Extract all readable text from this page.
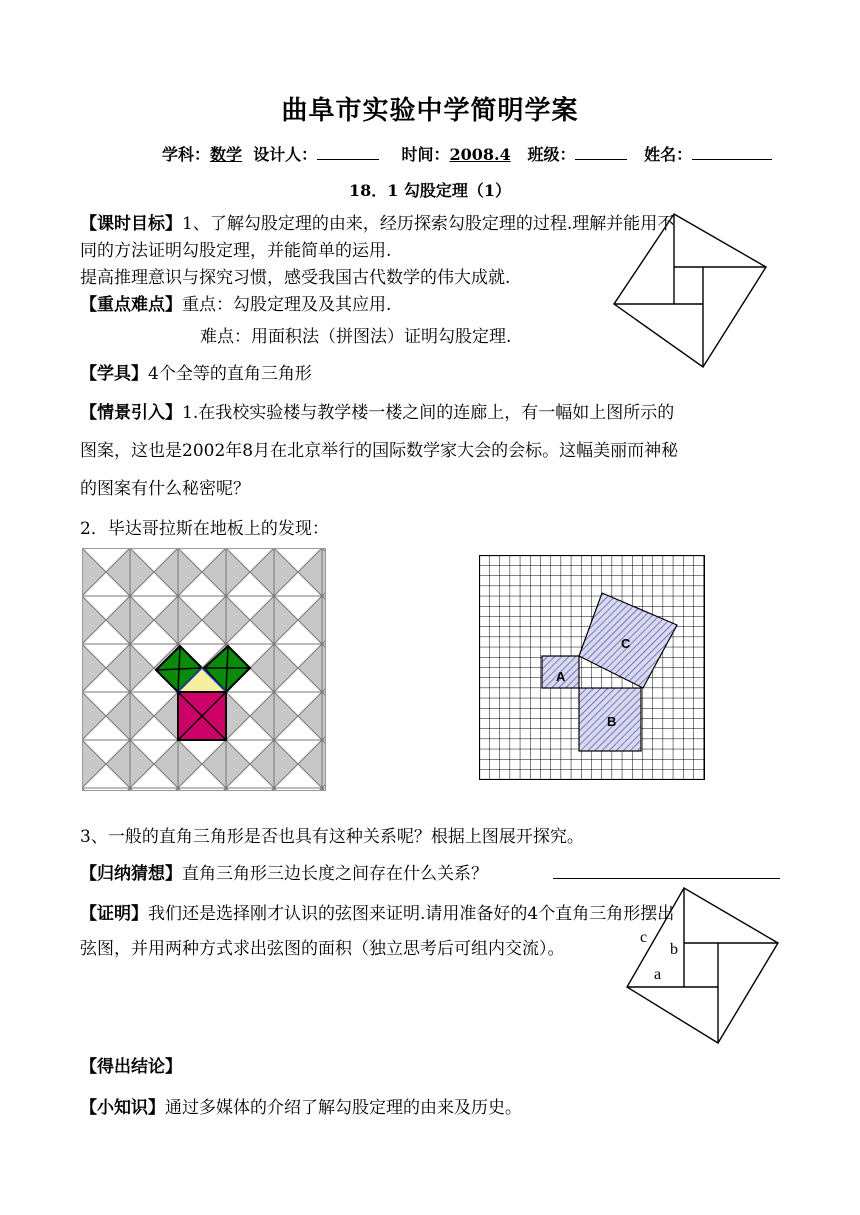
曲阜市实验中学简明学案
学科：数学 设计人：	时间：2008.4 班级：	姓名：
18．1 勾股定理（1）
【课时目标】1、了解勾股定理的由来，经历探索勾股定理的过程.理解并能用不
同的方法证明勾股定理，并能简单的运用.
提高推理意识与探究习惯，感受我国古代数学的伟大成就.
【重点难点】重点：勾股定理及及其应用.
难点：用面积法（拼图法）证明勾股定理.
【学具】4个全等的直角三角形
【情景引入】1.在我校实验楼与教学楼一楼之间的连廊上，有一幅如上图所示的
图案，这也是2002年8月在北京举行的国际数学家大会的会标。这幅美丽而神秘
的图案有什么秘密呢？
2．毕达哥拉斯在地板上的发现：
A
B
C
3、一般的直角三角形是否也具有这种关系呢？根据上图展开探究。
【归纳猜想】直角三角形三边长度之间存在什么关系？
【证明】我们还是选择刚才认识的弦图来证明.请用准备好的4个直角三角形摆出
弦图，并用两种方式求出弦图的面积（独立思考后可组内交流）。
c
b
a
【得出结论】
【小知识】通过多媒体的介绍了解勾股定理的由来及历史。
